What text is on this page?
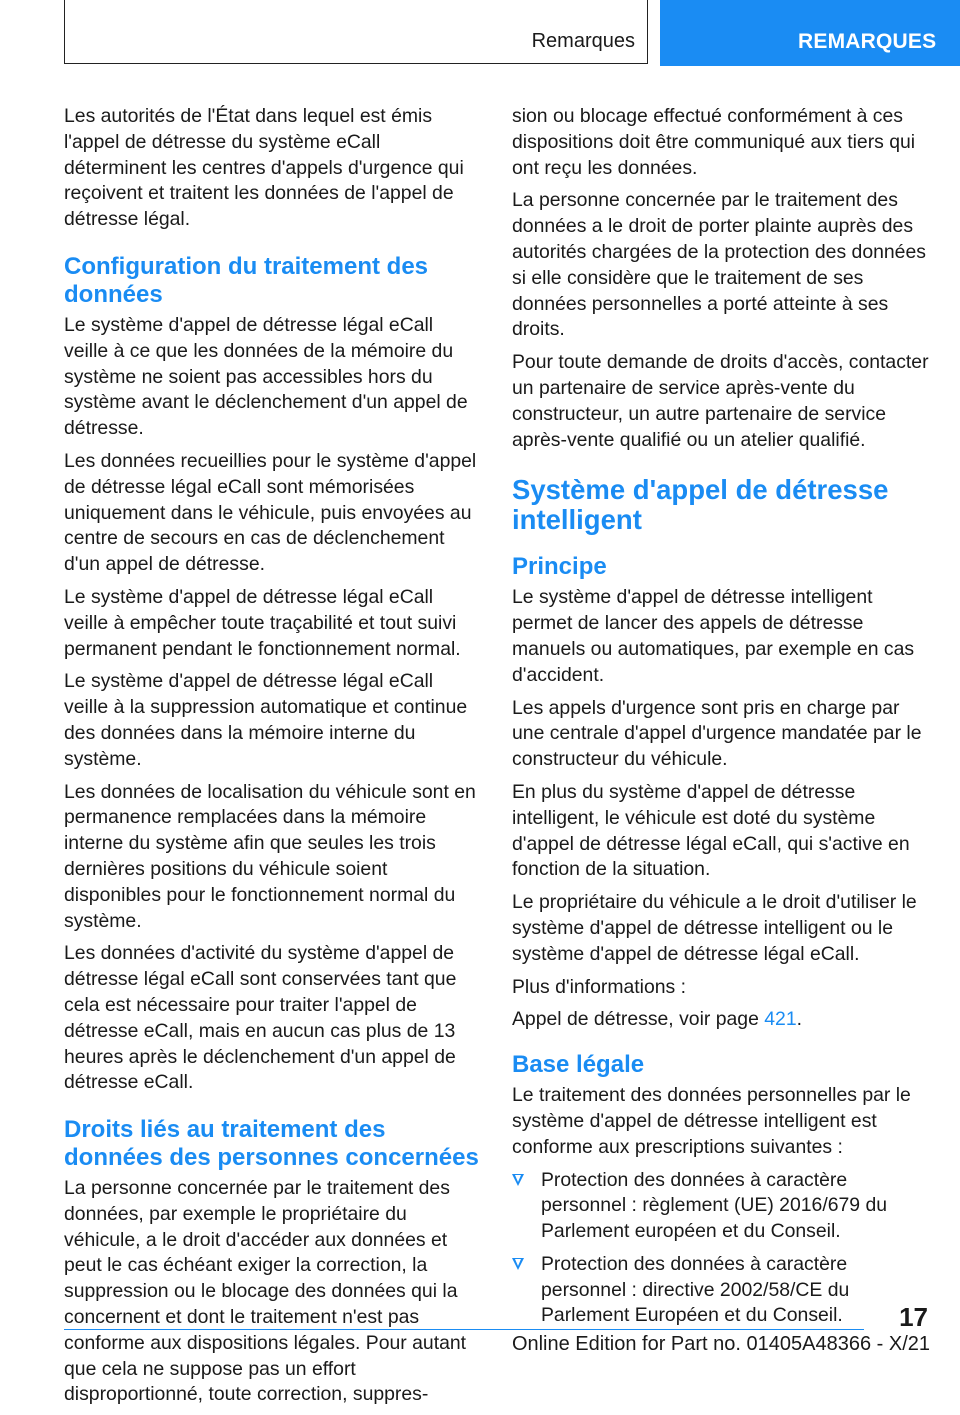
Remarques	REMARQUES

Les autorités de l'État dans lequel est émis l'appel de détresse du système eCall déterminent les centres d'appels d'urgence qui reçoivent et traitent les données de l'appel de détresse légal.

Configuration du traitement des données

Le système d'appel de détresse légal eCall veille à ce que les données de la mémoire du système ne soient pas accessibles hors du système avant le déclenchement d'un appel de détresse.

Les données recueillies pour le système d'appel de détresse légal eCall sont mémorisées uniquement dans le véhicule, puis envoyées au centre de secours en cas de déclenchement d'un appel de détresse.

Le système d'appel de détresse légal eCall veille à empêcher toute traçabilité et tout suivi permanent pendant le fonctionnement normal.

Le système d'appel de détresse légal eCall veille à la suppression automatique et continue des données dans la mémoire interne du système.

Les données de localisation du véhicule sont en permanence remplacées dans la mémoire interne du système afin que seules les trois dernières positions du véhicule soient disponibles pour le fonctionnement normal du système.

Les données d'activité du système d'appel de détresse légal eCall sont conservées tant que cela est nécessaire pour traiter l'appel de détresse eCall, mais en aucun cas plus de 13 heures après le déclenchement d'un appel de détresse eCall.

Droits liés au traitement des données des personnes concernées

La personne concernée par le traitement des données, par exemple le propriétaire du véhicule, a le droit d'accéder aux données et peut le cas échéant exiger la correction, la suppression ou le blocage des données qui la concernent et dont le traitement n'est pas conforme aux dispositions légales. Pour autant que cela ne suppose pas un effort disproportionné, toute correction, suppres-

sion ou blocage effectué conformément à ces dispositions doit être communiqué aux tiers qui ont reçu les données.

La personne concernée par le traitement des données a le droit de porter plainte auprès des autorités chargées de la protection des données si elle considère que le traitement de ses données personnelles a porté atteinte à ses droits.

Pour toute demande de droits d'accès, contacter un partenaire de service après-vente du constructeur, un autre partenaire de service après-vente qualifié ou un atelier qualifié.

Système d'appel de détresse intelligent
Principe

Le système d'appel de détresse intelligent permet de lancer des appels de détresse manuels ou automatiques, par exemple en cas d'accident.

Les appels d'urgence sont pris en charge par une centrale d'appel d'urgence mandatée par le constructeur du véhicule.

En plus du système d'appel de détresse intelligent, le véhicule est doté du système d'appel de détresse légal eCall, qui s'active en fonction de la situation.

Le propriétaire du véhicule a le droit d'utiliser le système d'appel de détresse intelligent ou le système d'appel de détresse légal eCall.

Plus d'informations :

Appel de détresse, voir page 421.

Base légale

Le traitement des données personnelles par le système d'appel de détresse intelligent est conforme aux prescriptions suivantes :

Protection des données à caractère personnel : règlement (UE) 2016/679 du Parlement européen et du Conseil.
Protection des données à caractère personnel : directive 2002/58/CE du Parlement Européen et du Conseil.	17
Online Edition for Part no. 01405A48366 - X/21
